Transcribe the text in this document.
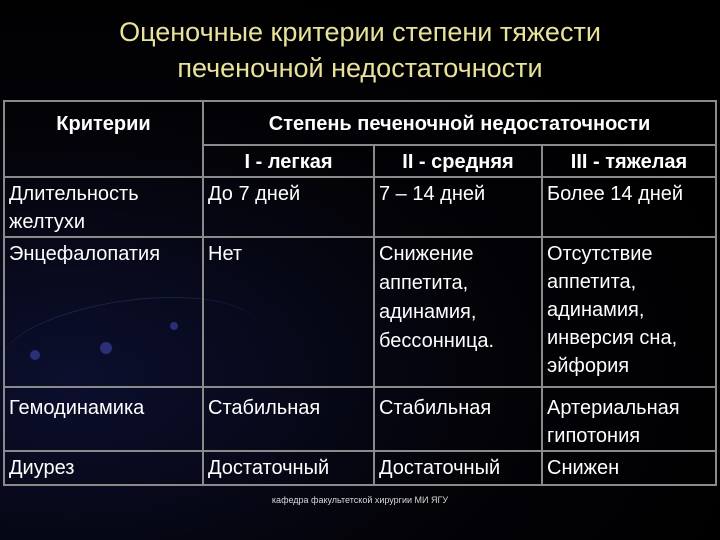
Оценочные критерии степени тяжести
печеночной недостаточности
Критерии	Степень печеночной недостаточности		
	I - легкая	II - средняя	III - тяжелая
Длительность желтухи	До 7 дней	7 – 14 дней	Более 14 дней
Энцефалопатия	Нет	Снижение аппетита, адинамия, бессонница.	Отсутствие аппетита, адинамия, инверсия сна, эйфория
Гемодинамика	Стабильная	Стабильная	Артериальная гипотония
Диурез	Достаточный	Достаточный	Снижен
кафедра факультетской хирургии МИ ЯГУ
